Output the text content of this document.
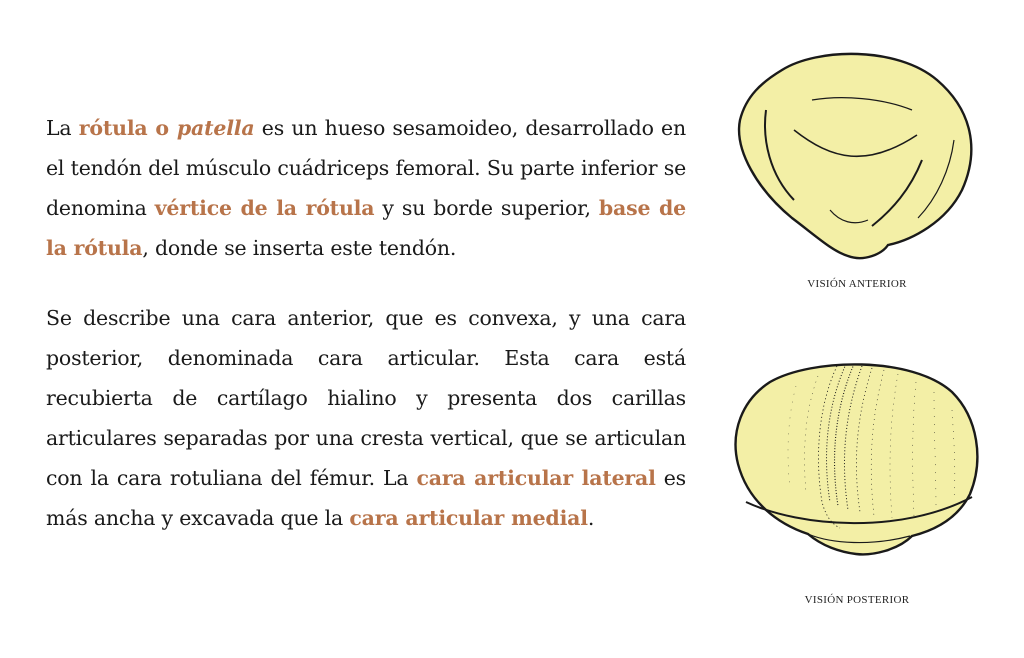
La rótula o patella es un hueso sesamoideo, desarrollado en el tendón del músculo cuádriceps femoral. Su parte inferior se denomina vértice de la rótula y su borde superior, base de la rótula, donde se inserta este tendón.

Se describe una cara anterior, que es convexa, y una cara posterior, denominada cara articular. Esta cara está recubierta de cartílago hialino y presenta dos carillas articulares separadas por una cresta vertical, que se articulan con la cara rotuliana del fémur. La cara articular lateral es más ancha y excavada que la cara articular medial.

VISIÓN ANTERIOR
VISIÓN POSTERIOR
